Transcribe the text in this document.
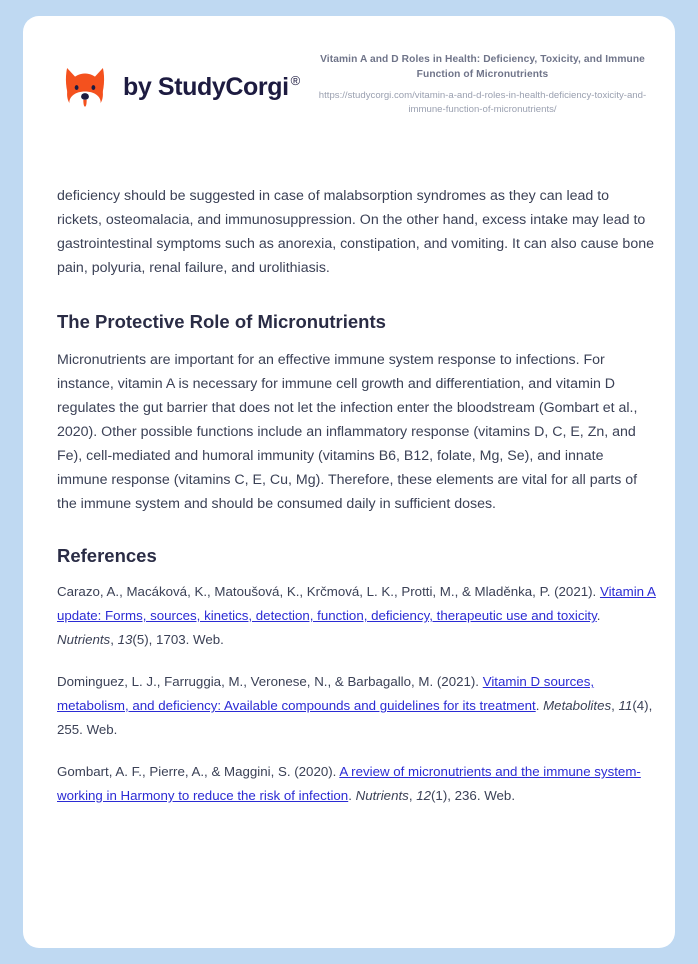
by StudyCorgi ®
Vitamin A and D Roles in Health: Deficiency, Toxicity, and Immune Function of Micronutrients
https://studycorgi.com/vitamin-a-and-d-roles-in-health-deficiency-toxicity-and-immune-function-of-micronutrients/

deficiency should be suggested in case of malabsorption syndromes as they can lead to rickets, osteomalacia, and immunosuppression. On the other hand, excess intake may lead to gastrointestinal symptoms such as anorexia, constipation, and vomiting. It can also cause bone pain, polyuria, renal failure, and urolithiasis.

The Protective Role of Micronutrients

Micronutrients are important for an effective immune system response to infections. For instance, vitamin A is necessary for immune cell growth and differentiation, and vitamin D regulates the gut barrier that does not let the infection enter the bloodstream (Gombart et al., 2020). Other possible functions include an inflammatory response (vitamins D, C, E, Zn, and Fe), cell-mediated and humoral immunity (vitamins B6, B12, folate, Mg, Se), and innate immune response (vitamins C, E, Cu, Mg). Therefore, these elements are vital for all parts of the immune system and should be consumed daily in sufficient doses.

References
Carazo, A., Macáková, K., Matoušová, K., Krčmová, L. K., Protti, M., & Mladěnka, P. (2021). Vitamin A update: Forms, sources, kinetics, detection, function, deficiency, therapeutic use and toxicity. Nutrients, 13(5), 1703. Web.
Dominguez, L. J., Farruggia, M., Veronese, N., & Barbagallo, M. (2021). Vitamin D sources, metabolism, and deficiency: Available compounds and guidelines for its treatment. Metabolites, 11(4), 255. Web.
Gombart, A. F., Pierre, A., & Maggini, S. (2020). A review of micronutrients and the immune system-working in Harmony to reduce the risk of infection. Nutrients, 12(1), 236. Web.
